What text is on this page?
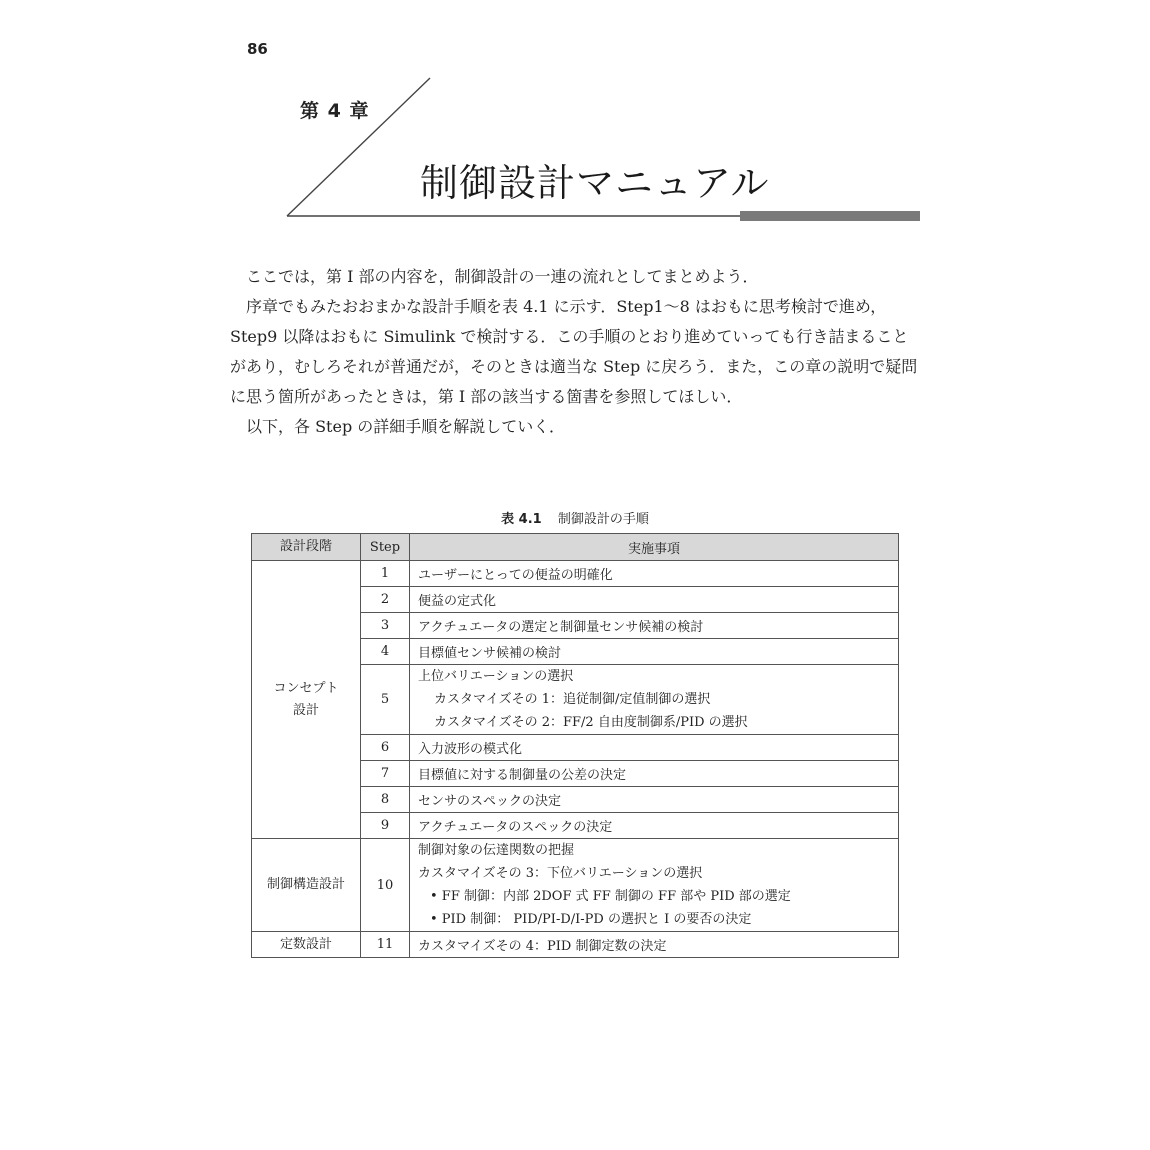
86
第 4 章
制御設計マニュアル

ここでは，第 I 部の内容を，制御設計の一連の流れとしてまとめよう．

序章でもみたおおまかな設計手順を表 4.1 に示す．Step1～8 はおもに思考検討で進め，Step9 以降はおもに Simulink で検討する．この手順のとおり進めていっても行き詰まることがあり，むしろそれが普通だが，そのときは適当な Step に戻ろう．また，この章の説明で疑問に思う箇所があったときは，第 I 部の該当する箇書を参照してほしい．

以下，各 Step の詳細手順を解説していく．

表 4.1 制御設計の手順
設計段階	Step	実施事項

コンセプト
設計	1	ユーザーにとっての便益の明確化
	2	便益の定式化
	3	アクチュエータの選定と制御量センサ候補の検討
	4	目標値センサ候補の検討
	5	上位バリエーションの選択
カスタマイズその 1：追従制御/定值制御の選択
カスタマイズその 2：FF/2 自由度制御系/PID の選択

	6	入力波形の模式化
	7	目標値に対する制御量の公差の決定
	8	センサのスペックの決定
	9	アクチュエータのスペックの決定
制御構造設計	10	制御対象の伝達関数の把握
カスタマイズその 3：下位バリエーションの選択
• FF 制御：内部 2DOF 式 FF 制御の FF 部や PID 部の選定
• PID 制御： PID/PI-D/I-PD の選択と I の要否の決定

定数設計	11	カスタマイズその 4：PID 制御定数の決定
